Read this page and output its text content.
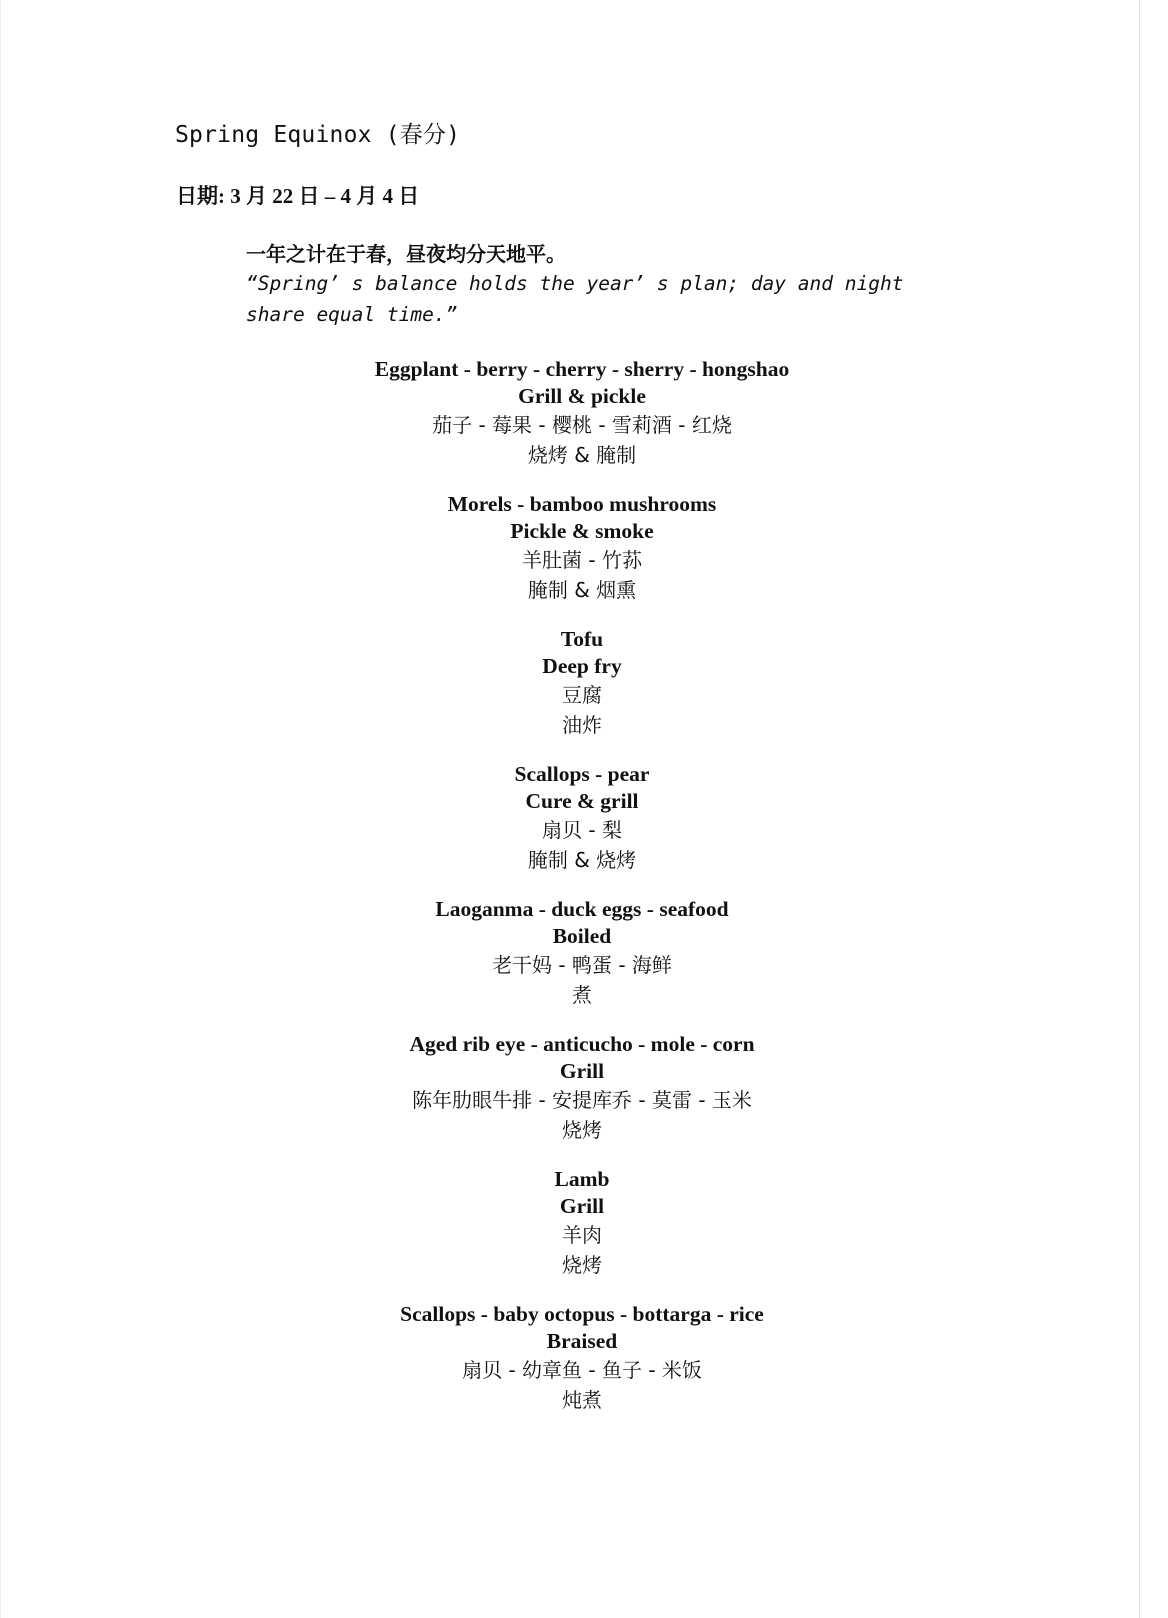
Spring Equinox (春分)
日期: 3 月 22 日 – 4 月 4 日
一年之计在于春，昼夜均分天地平。
“Spring’ s balance holds the year’ s plan; day and night
share equal time.”
Eggplant - berry - cherry - sherry - hongshao
Grill & pickle
茄子 - 莓果 - 樱桃 - 雪莉酒 - 红烧
烧烤 & 腌制
Morels - bamboo mushrooms
Pickle & smoke
羊肚菌 - 竹荪
腌制 & 烟熏
Tofu
Deep fry
豆腐
油炸
Scallops - pear
Cure & grill
扇贝 - 梨
腌制 & 烧烤
Laoganma - duck eggs - seafood
Boiled
老干妈 - 鸭蛋 - 海鲜
煮
Aged rib eye - anticucho - mole - corn
Grill
陈年肋眼牛排 - 安提库乔 - 莫雷 - 玉米
烧烤
Lamb
Grill
羊肉
烧烤
Scallops - baby octopus - bottarga - rice
Braised
扇贝 - 幼章鱼 - 鱼子 - 米饭
炖煮
